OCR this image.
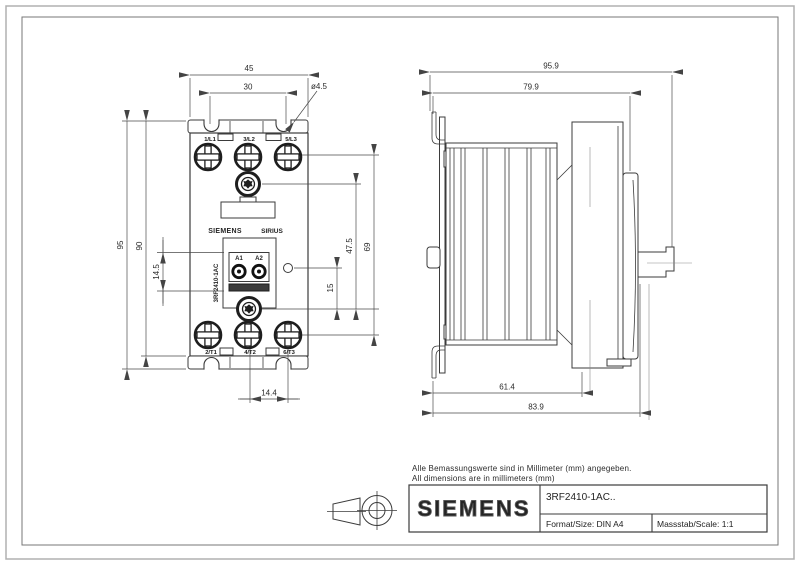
1/L1	3/L2	5/L3
SIEMENS	SIRIUS
A1 A2
3RF2410-1AC
2/T1	4/T2	6/T3
45
30	ø4.5
95 90
14.5
47.5
15
69
14.4
95.9
79.9
61.4
83.9
Alle Bemassungswerte sind in Millimeter (mm) angegeben.
All dimensions are in millimeters (mm)
SIEMENS 3RF2410-1AC..
Format/Size: DIN A4	Massstab/Scale: 1:1
